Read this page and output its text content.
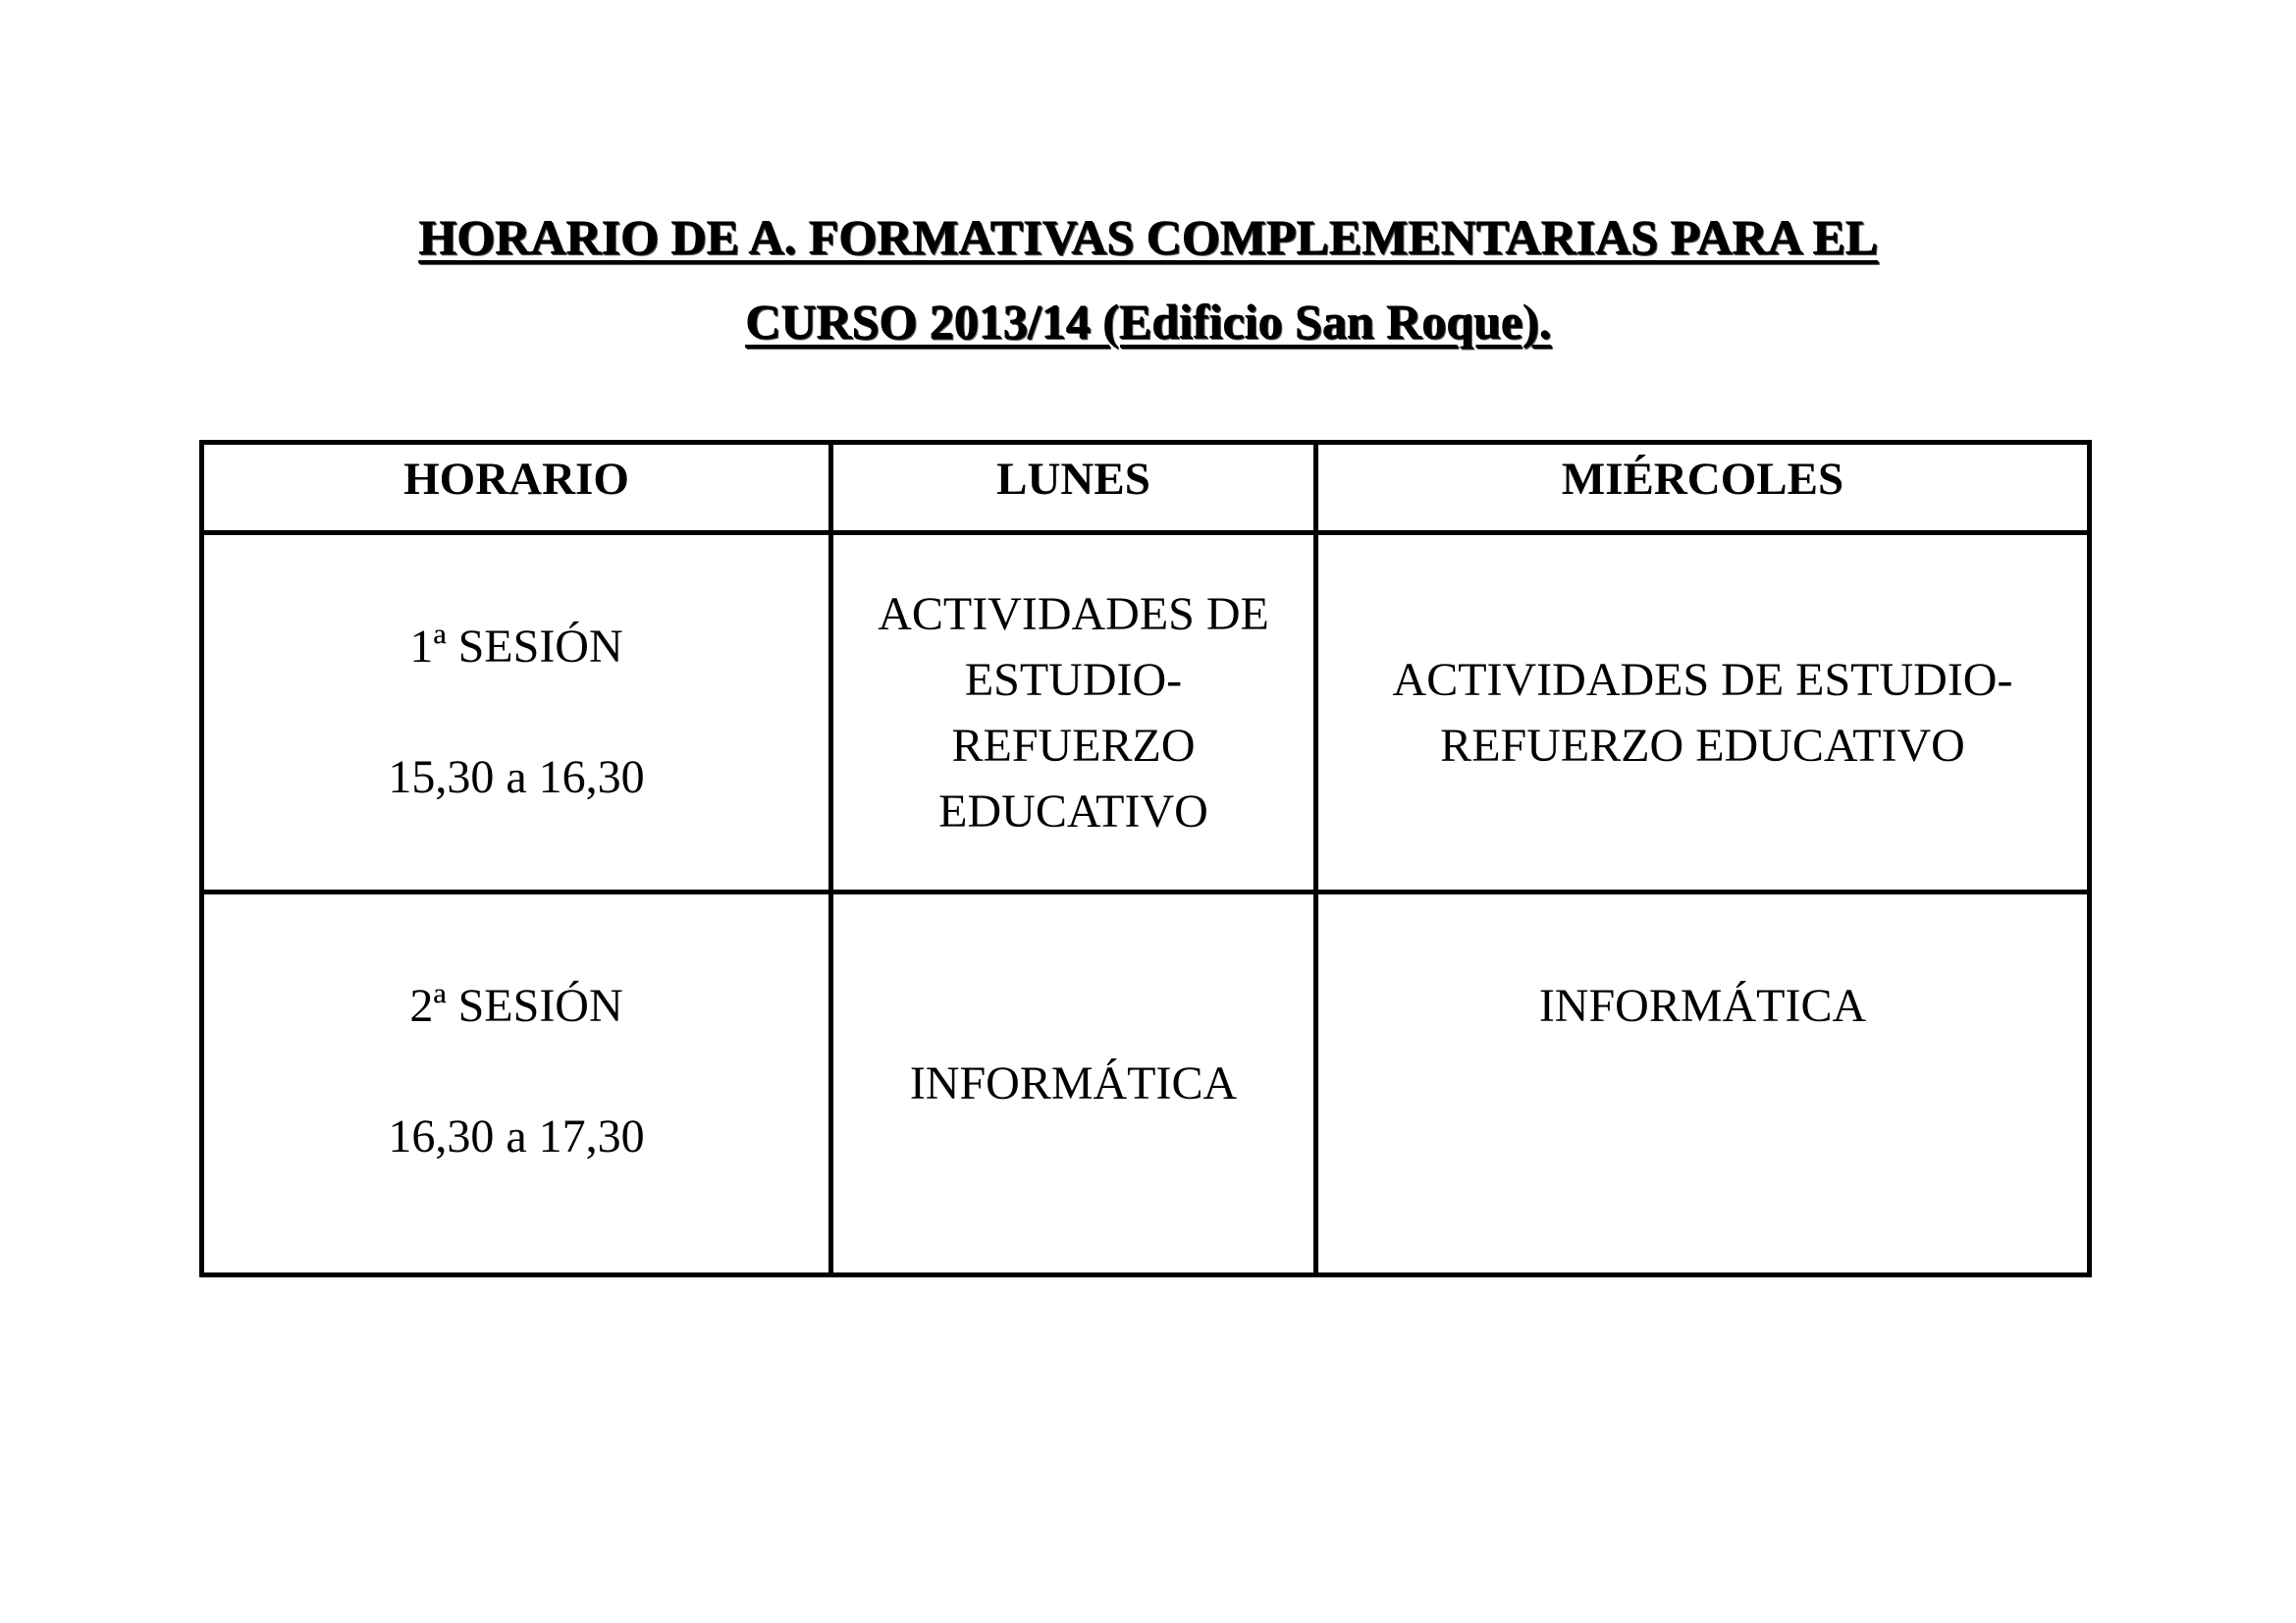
HORARIO DE A. FORMATIVAS COMPLEMENTARIAS PARA EL
CURSO 2013/14 (Edificio San Roque).
HORARIO	LUNES	MIÉRCOLES

1ª SESIÓN
15,30 a 16,30	ACTIVIDADES DE ESTUDIO-REFUERZO EDUCATIVO	ACTIVIDADES DE ESTUDIO-REFUERZO EDUCATIVO

2ª SESIÓN
16,30 a 17,30	INFORMÁTICA	INFORMÁTICA
